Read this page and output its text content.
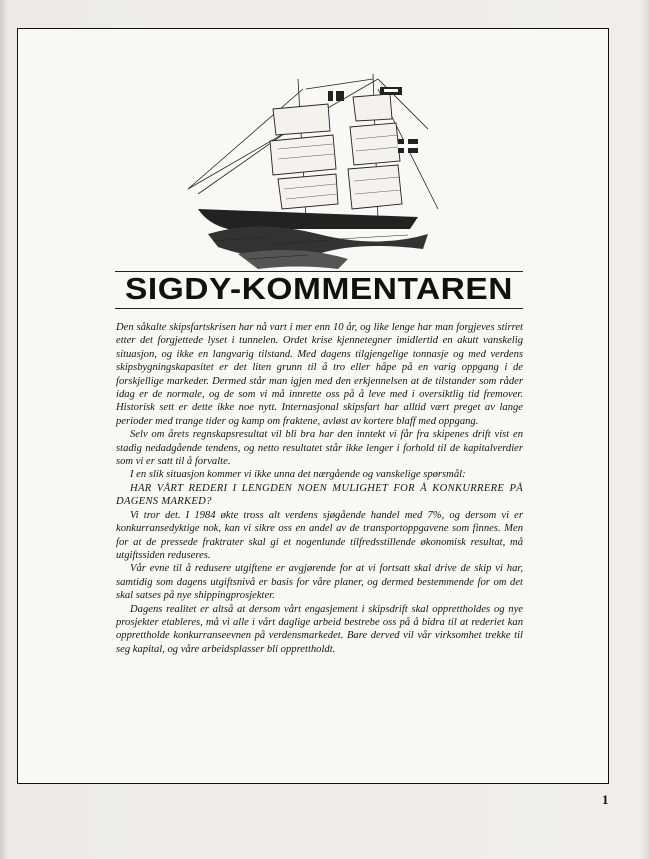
SIGDY-KOMMENTAREN

Den såkalte skipsfartskrisen har nå vart i mer enn 10 år, og like lenge har man forgjeves stirret etter det forgjettede lyset i tunnelen. Ordet krise kjennetegner imidlertid en akutt vanskelig situasjon, og ikke en langvarig tilstand. Med dagens tilgjengelige tonnasje og med verdens skipsbygningskapasitet er det liten grunn til å tro eller håpe på en varig oppgang i de forskjellige markeder. Dermed står man igjen med den erkjennelsen at de tilstander som råder idag er de normale, og de som vi må innrette oss på å leve med i oversiktlig tid fremover. Historisk sett er dette ikke noe nytt. Internasjonal skipsfart har alltid vært preget av lange perioder med trange tider og kamp om fraktene, avløst av kortere blaff med oppgang.

Selv om årets regnskapsresultat vil bli bra har den inntekt vi får fra skipenes drift vist en stadig nedadgående tendens, og netto resultatet står ikke lenger i forhold til de kapitalverdier som vi er satt til å forvalte.

I en slik situasjon kommer vi ikke unna det nærgående og vanskelige spørsmål:

HAR VÅRT REDERI I LENGDEN NOEN MULIGHET FOR Å KONKURRERE PÅ DAGENS MARKED?

Vi tror det. I 1984 økte tross alt verdens sjøgående handel med 7%, og dersom vi er konkurransedyktige nok, kan vi sikre oss en andel av de transportoppgavene som finnes. Men for at de pressede fraktrater skal gi et nogenlunde tilfredsstillende økonomisk resultat, må utgiftssiden reduseres.

Vår evne til å redusere utgiftene er avgjørende for at vi fortsatt skal drive de skip vi har, samtidig som dagens utgiftsnivå er basis for våre planer, og dermed bestemmende for om det skal satses på nye shippingprosjekter.

Dagens realitet er altså at dersom vårt engasjement i skipsdrift skal opprettholdes og nye prosjekter etableres, må vi alle i vårt daglige arbeid bestrebe oss på å bidra til at rederiet kan opprettholde konkurranseevnen på verdensmarkedet. Bare derved vil vår virksomhet trekke til seg kapital, og våre arbeidsplasser bli opprettholdt.

1
